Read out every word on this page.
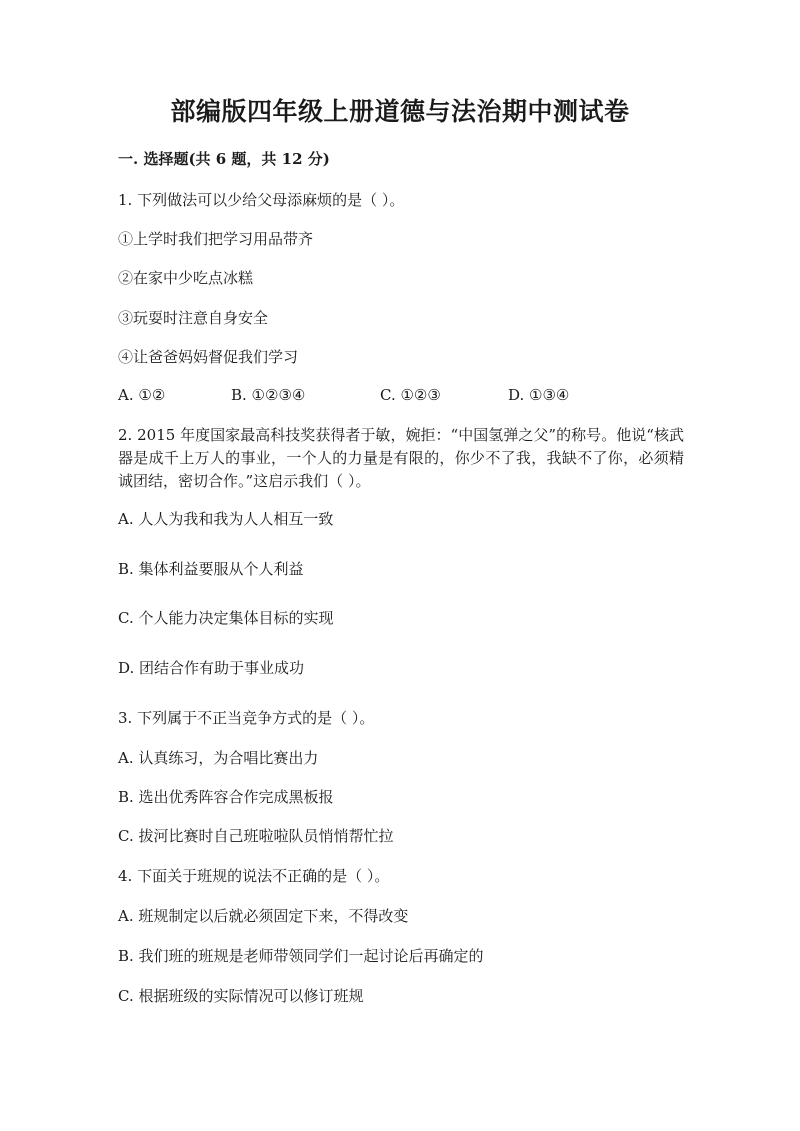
部编版四年级上册道德与法治期中测试卷
一. 选择题(共 6 题，共 12 分)
1. 下列做法可以少给父母添麻烦的是（ ）。
①上学时我们把学习用品带齐
②在家中少吃点冰糕
③玩耍时注意自身安全
④让爸爸妈妈督促我们学习
A. ①②	B. ①②③④	C. ①②③	D. ①③④
2. 2015 年度国家最高科技奖获得者于敏，婉拒：“中国氢弹之父”的称号。他说“核武器是成千上万人的事业，一个人的力量是有限的，你少不了我，我缺不了你，必须精诚团结，密切合作。”这启示我们（ ）。
A. 人人为我和我为人人相互一致
B. 集体利益要服从个人利益
C. 个人能力决定集体目标的实现
D. 团结合作有助于事业成功
3. 下列属于不正当竞争方式的是（ ）。
A. 认真练习，为合唱比赛出力
B. 选出优秀阵容合作完成黑板报
C. 拔河比赛时自己班啦啦队员悄悄帮忙拉
4. 下面关于班规的说法不正确的是（ ）。
A. 班规制定以后就必须固定下来，不得改变
B. 我们班的班规是老师带领同学们一起讨论后再确定的
C. 根据班级的实际情况可以修订班规
